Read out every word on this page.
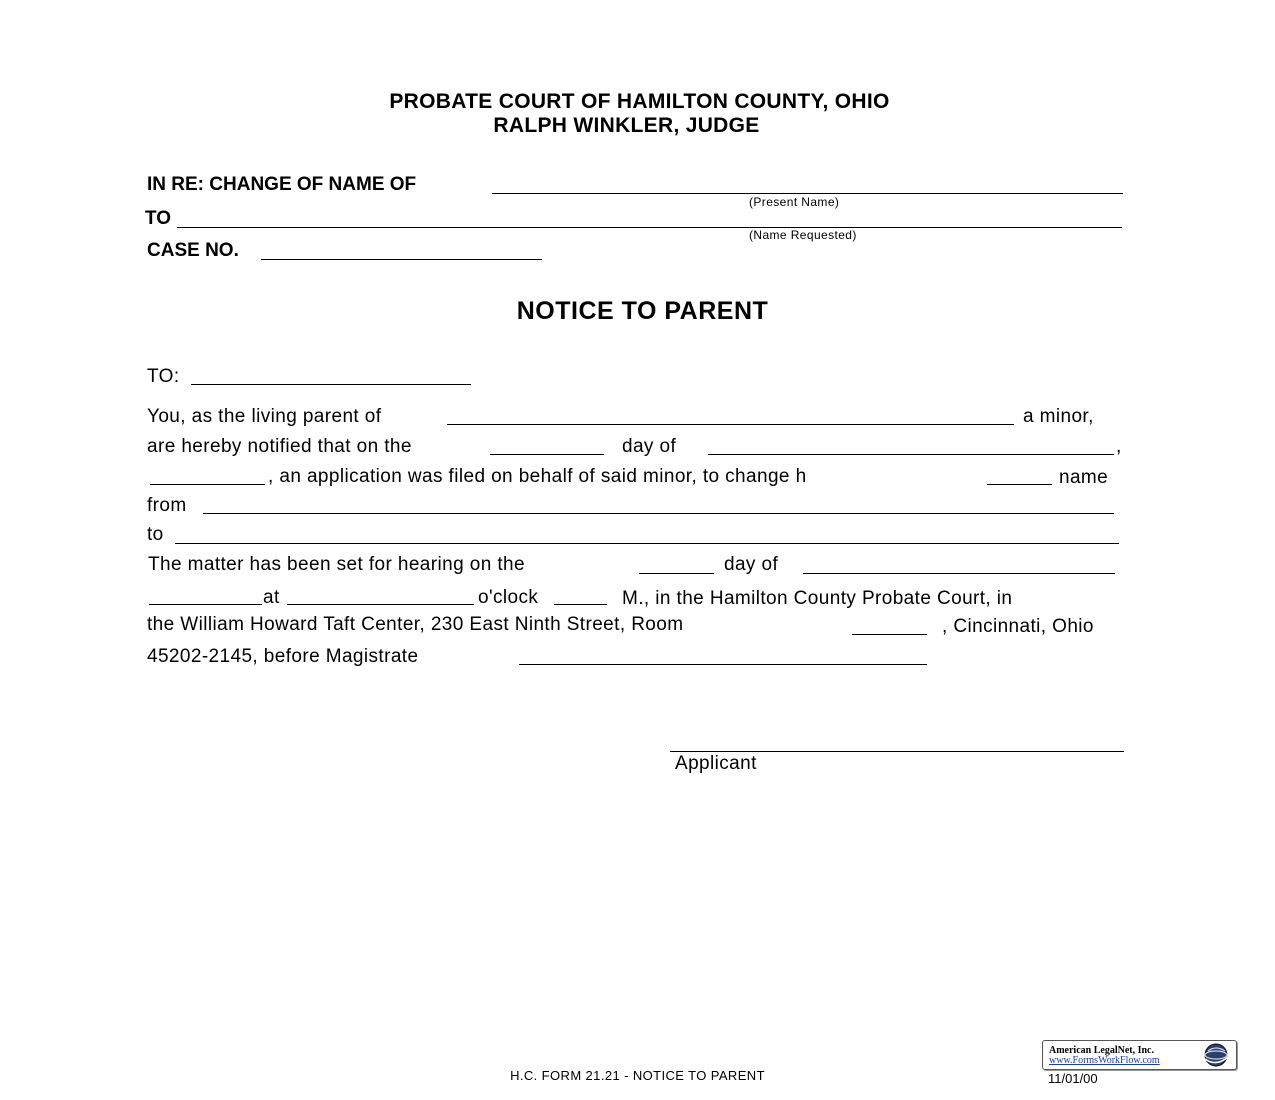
PROBATE COURT OF HAMILTON COUNTY, OHIO
RALPH WINKLER, JUDGE
IN RE: CHANGE OF NAME OF
(Present Name)
TO
(Name Requested)
CASE NO.
NOTICE TO PARENT
TO:
You, as the living parent of	a minor,
are hereby notified that on the	day of	,
, an application was filed on behalf of said minor, to change h	name
from
to
The matter has been set for hearing on the	day of
at	o'clock	M., in the Hamilton County Probate Court, in
the William Howard Taft Center, 230 East Ninth Street, Room	, Cincinnati, Ohio
45202-2145, before Magistrate
Applicant
H.C. FORM 21.21 - NOTICE TO PARENT	11/01/00
American LegalNet, Inc.
www.FormsWorkFlow.com
